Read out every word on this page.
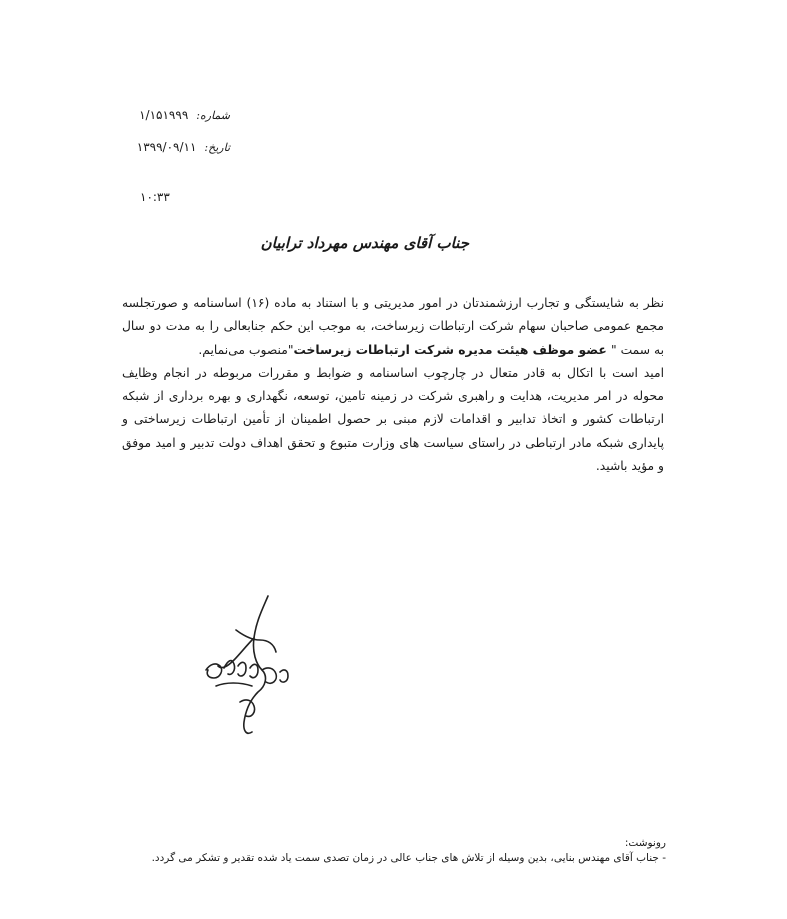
شماره:
۱/۱۵۱۹۹۹
تاریخ:
۱۳۹۹/۰۹/۱۱
۱۰:۳۳
جناب آقای مهندس مهرداد ترابیان

نظر به شایستگی و تجارب ارزشمندتان در امور مدیریتی و با استناد به ماده (۱۶) اساسنامه و صورتجلسه مجمع عمومی صاحبان سهام شرکت ارتباطات زیرساخت، به موجب این حکم جنابعالی را به مدت دو سال به سمت " عضو موظف هیئت مدیره شرکت ارتباطات زیرساخت"منصوب می‌نمایم.

امید است با اتکال به قادر متعال در چارچوب اساسنامه و ضوابط و مقررات مربوطه در انجام وظایف محوله در امر مدیریت، هدایت و راهبری شرکت در زمینه تامین، توسعه، نگهداری و بهره برداری از شبکه ارتباطات کشور و اتخاذ تدابیر و اقدامات لازم مبنی بر حصول اطمینان از تأمین ارتباطات زیرساختی و پایداری شبکه مادر ارتباطی در راستای سیاست های وزارت متبوع و تحقق اهداف دولت تدبیر و امید موفق و مؤید باشید.

رونوشت:
- جناب آقای مهندس بنایی، بدین وسیله از تلاش های جناب عالی در زمان تصدی سمت یاد شده تقدیر و تشکر می گردد.
